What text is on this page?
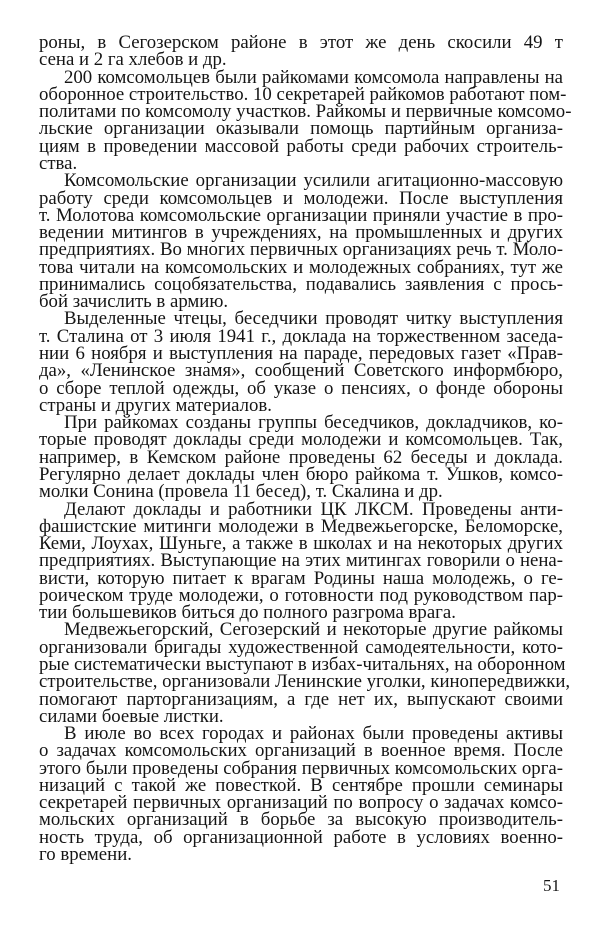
роны, в Сегозерском районе в этот же день скосили 49 т
сена и 2 га хлебов и др.
200 комсомольцев были райкомами комсомола направлены на
оборонное строительство. 10 секретарей райкомов работают пом-
политами по комсомолу участков. Райкомы и первичные комсомо-
льские организации оказывали помощь партийным организа-
циям в проведении массовой работы среди рабочих строитель-
ства.
Комсомольские организации усилили агитационно-массовую
работу среди комсомольцев и молодежи. После выступления
т. Молотова комсомольские организации приняли участие в про-
ведении митингов в учреждениях, на промышленных и других
предприятиях. Во многих первичных организациях речь т. Моло-
това читали на комсомольских и молодежных собраниях, тут же
принимались соцобязательства, подавались заявления с прось-
бой зачислить в армию.
Выделенные чтецы, беседчики проводят читку выступления
т. Сталина от 3 июля 1941 г., доклада на торжественном заседа-
нии 6 ноября и выступления на параде, передовых газет «Прав-
да», «Ленинское знамя», сообщений Советского информбюро,
о сборе теплой одежды, об указе о пенсиях, о фонде обороны
страны и других материалов.
При райкомах созданы группы беседчиков, докладчиков, ко-
торые проводят доклады среди молодежи и комсомольцев. Так,
например, в Кемском районе проведены 62 беседы и доклада.
Регулярно делает доклады член бюро райкома т. Ушков, комсо-
молки Сонина (провела 11 бесед), т. Скалина и др.
Делают доклады и работники ЦК ЛКСМ. Проведены анти-
фашистские митинги молодежи в Медвежьегорске, Беломорске,
Кеми, Лоухах, Шуньге, а также в школах и на некоторых других
предприятиях. Выступающие на этих митингах говорили о нена-
висти, которую питает к врагам Родины наша молодежь, о ге-
роическом труде молодежи, о готовности под руководством пар-
тии большевиков биться до полного разгрома врага.
Медвежьегорский, Сегозерский и некоторые другие райкомы
организовали бригады художественной самодеятельности, кото-
рые систематически выступают в избах-читальнях, на оборонном
строительстве, организовали Ленинские уголки, кинопередвижки,
помогают парторганизациям, а где нет их, выпускают своими
силами боевые листки.
В июле во всех городах и районах были проведены активы
о задачах комсомольских организаций в военное время. После
этого были проведены собрания первичных комсомольских орга-
низаций с такой же повесткой. В сентябре прошли семинары
секретарей первичных организаций по вопросу о задачах комсо-
мольских организаций в борьбе за высокую производитель-
ность труда, об организационной работе в условиях военно-
го времени.
51
